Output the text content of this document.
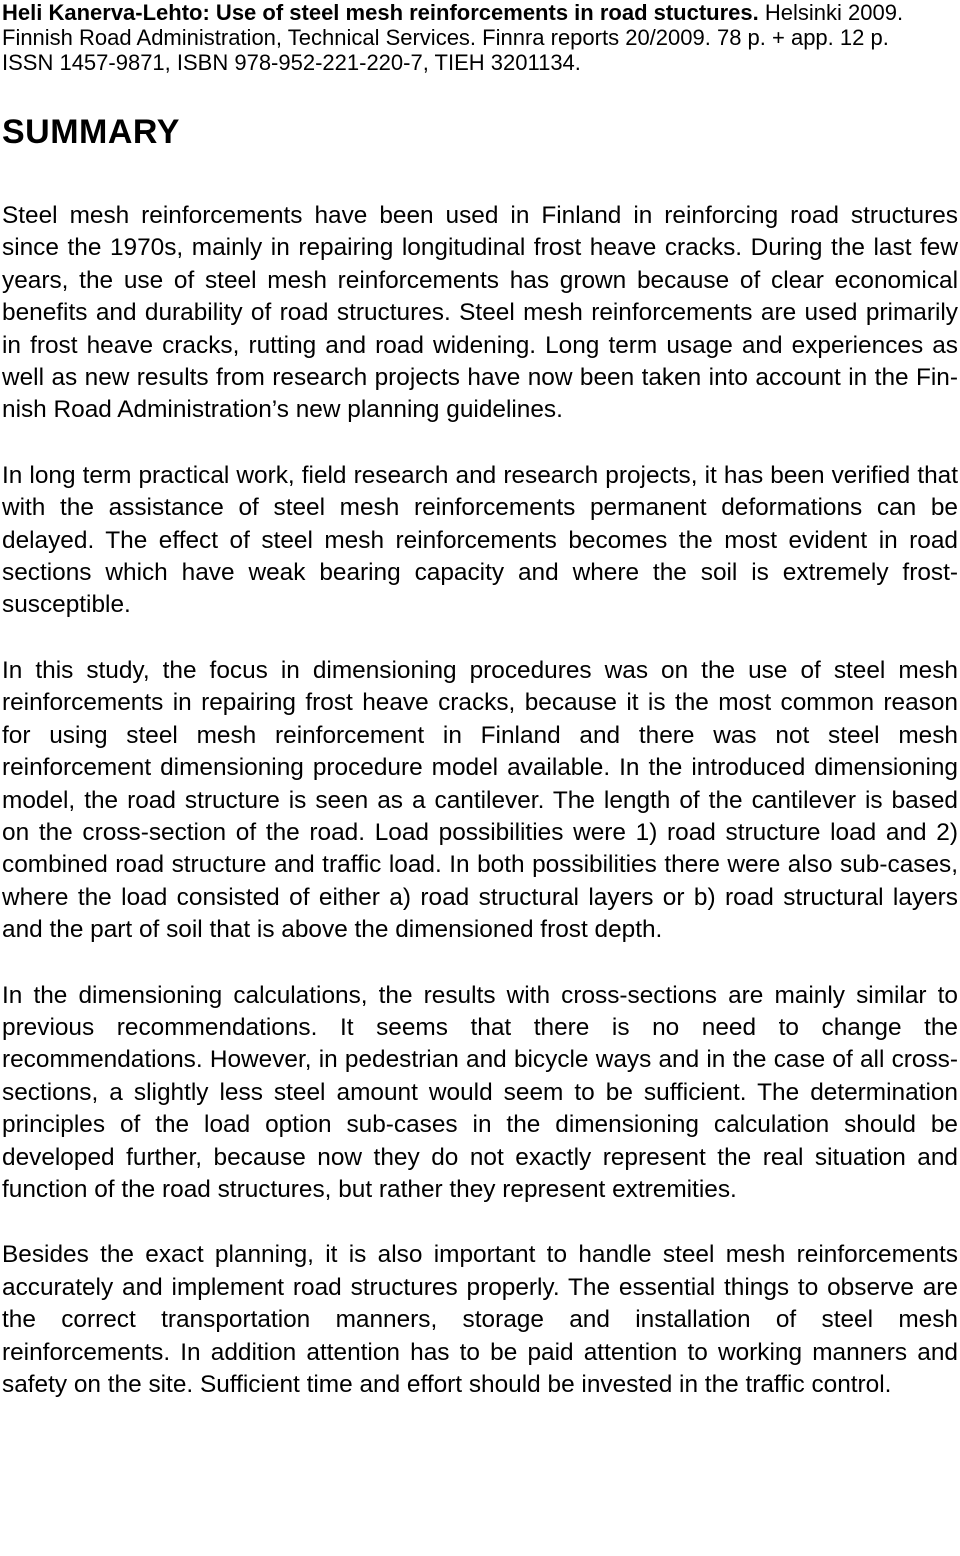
Heli Kanerva-Lehto: Use of steel mesh reinforcements in road stuctures. Helsinki 2009. Finnish Road Administration, Technical Services. Finnra reports 20/2009. 78 p. + app. 12 p.
ISSN 1457-9871, ISBN 978-952-221-220-7, TIEH 3201134.
SUMMARY

Steel mesh reinforcements have been used in Finland in reinforcing road structures since the 1970s, mainly in repairing longitudinal frost heave cracks. During the last few years, the use of steel mesh reinforcements has grown because of clear economical benefits and durability of road structures. Steel mesh reinforcements are used primarily in frost heave cracks, rutting and road widening. Long term usage and experiences as well as new results from research projects have now been taken into account in the Finnish Road Administration’s new planning guidelines.

In long term practical work, field research and research projects, it has been verified that with the assistance of steel mesh reinforcements permanent deformations can be delayed. The effect of steel mesh reinforcements becomes the most evident in road sections which have weak bearing capacity and where the soil is extremely frost-susceptible.

In this study, the focus in dimensioning procedures was on the use of steel mesh reinforcements in repairing frost heave cracks, because it is the most common reason for using steel mesh reinforcement in Finland and there was not steel mesh reinforcement dimensioning procedure model available. In the introduced dimensioning model, the road structure is seen as a cantilever. The length of the cantilever is based on the cross-section of the road. Load possibilities were 1) road structure load and 2) combined road structure and traffic load. In both possibilities there were also sub-cases, where the load consisted of either a) road structural layers or b) road structural layers and the part of soil that is above the dimensioned frost depth.

In the dimensioning calculations, the results with cross-sections are mainly similar to previous recommendations. It seems that there is no need to change the recommendations. However, in pedestrian and bicycle ways and in the case of all cross-sections, a slightly less steel amount would seem to be sufficient. The determination principles of the load option sub-cases in the dimensioning calculation should be developed further, because now they do not exactly represent the real situation and function of the road structures, but rather they represent extremities.

Besides the exact planning, it is also important to handle steel mesh reinforcements accurately and implement road structures properly. The essential things to observe are the correct transportation manners, storage and installation of steel mesh reinforcements. In addition attention has to be paid attention to working manners and safety on the site. Sufficient time and effort should be invested in the traffic control.
